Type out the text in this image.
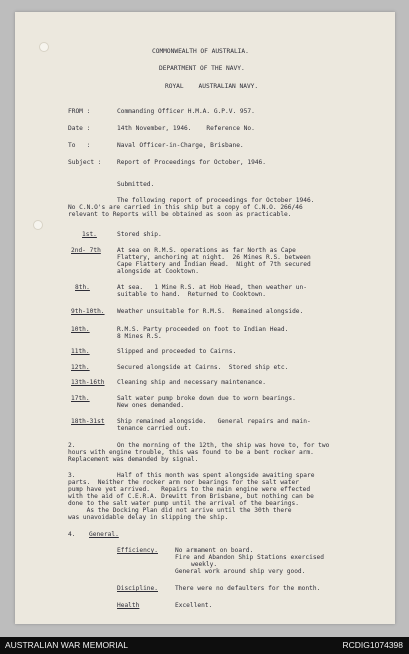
COMMONWEALTH OF AUSTRALIA.
DEPARTMENT OF THE NAVY.
ROYAL    AUSTRALIAN NAVY.
FROM :	Commanding Officer H.M.A. G.P.V. 957.
Date :	14th November, 1946.    Reference No.
To   :	Naval Officer-in-Charge, Brisbane.
Subject : Report of Proceedings for October, 1946.
Submitted.
The following report of proceedings for October 1946.
No C.N.O's are carried in this ship but a copy of C.N.O. 266/46
relevant to Reports will be obtained as soon as practicable.
1st.	Stored ship.
2nd- 7th	At sea on R.M.S. operations as far North as Cape
Flattery, anchoring at night.  26 Mines R.S. between
Cape Flattery and Indian Head.  Night of 7th secured
alongside at Cooktown.
8th.	At sea.   1 Mine R.S. at Hob Head, then weather un-
suitable to hand.  Returned to Cooktown.
9th-10th. Weather unsuitable for R.M.S.  Remained alongside.
10th.	R.M.S. Party proceeded on foot to Indian Head.
8 Mines R.S.
11th.	Slipped and proceeded to Cairns.
12th.	Secured alongside at Cairns.  Stored ship etc.
13th-16th Cleaning ship and necessary maintenance.
17th.	Salt water pump broke down due to worn bearings.
New ones demanded.
18th-31st Ship remained alongside.   General repairs and main-
tenance carried out.
2.	On the morning of the 12th, the ship was hove to, for two
hours with engine trouble, this was found to be a bent rocker arm.
Replacement was demanded by signal.
3.	Half of this month was spent alongside awaiting spare
parts.  Neither the rocker arm nor bearings for the salt water
pump have yet arrived.   Repairs to the main engine were effected
with the aid of C.E.R.A. Drewitt from Brisbane, but nothing can be
done to the salt water pump until the arrival of the bearings.
As the Docking Plan did not arrive until the 30th there
was unavoidable delay in slipping the ship.
4. General.
Efficiency.	No armament on board.
Fire and Abandon Ship Stations exercised
weekly.
General work around ship very good.
Discipline.	There were no defaulters for the month.
Health	Excellent.
AUSTRALIAN WAR MEMORIAL	RCDIG1074398
